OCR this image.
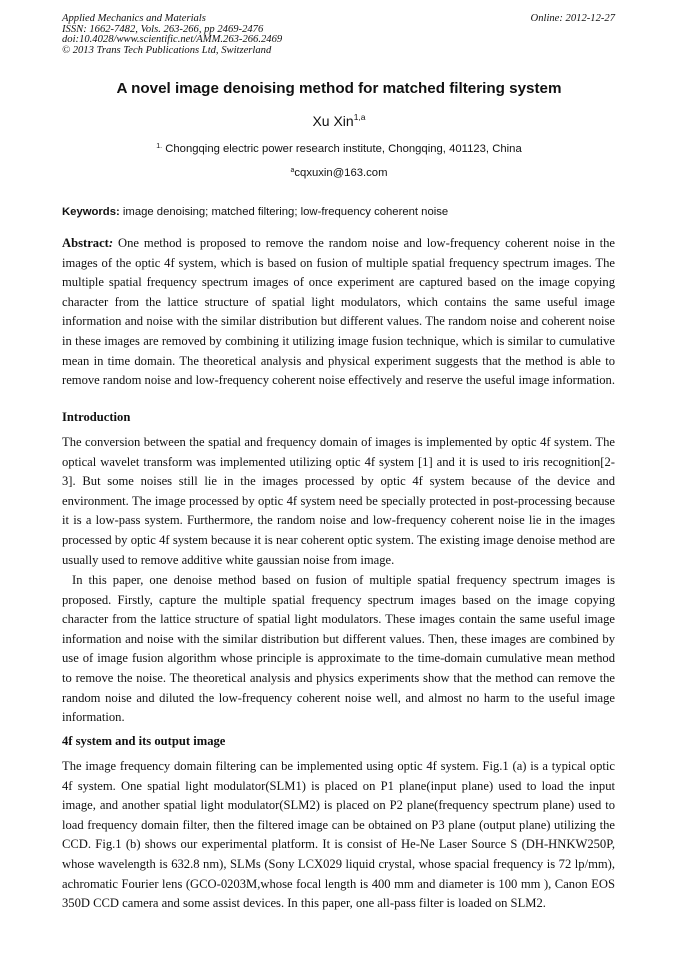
Applied Mechanics and Materials
ISSN: 1662-7482, Vols. 263-266, pp 2469-2476
doi:10.4028/www.scientific.net/AMM.263-266.2469
© 2013 Trans Tech Publications Ltd, Switzerland
Online: 2012-12-27
A novel image denoising method for matched filtering system
Xu Xin$^{1,a}$
$^{1.}$ Chongqing electric power research institute, Chongqing, 401123, China
$^a$cqxuxin@163.com
Keywords: image denoising; matched filtering; low-frequency coherent noise
Abstract: One method is proposed to remove the random noise and low-frequency coherent noise in the images of the optic 4f system, which is based on fusion of multiple spatial frequency spectrum images. The multiple spatial frequency spectrum images of once experiment are captured based on the image copying character from the lattice structure of spatial light modulators, which contains the same useful image information and noise with the similar distribution but different values. The random noise and coherent noise in these images are removed by combining it utilizing image fusion technique, which is similar to cumulative mean in time domain. The theoretical analysis and physical experiment suggests that the method is able to remove random noise and low-frequency coherent noise effectively and reserve the useful image information.
Introduction
The conversion between the spatial and frequency domain of images is implemented by optic 4f system. The optical wavelet transform was implemented utilizing optic 4f system [1] and it is used to iris recognition[2-3]. But some noises still lie in the images processed by optic 4f system because of the device and environment. The image processed by optic 4f system need be specially protected in post-processing because it is a low-pass system. Furthermore, the random noise and low-frequency coherent noise lie in the images processed by optic 4f system because it is near coherent optic system. The existing image denoise method are usually used to remove additive white gaussian noise from image.
In this paper, one denoise method based on fusion of multiple spatial frequency spectrum images is proposed. Firstly, capture the multiple spatial frequency spectrum images based on the image copying character from the lattice structure of spatial light modulators. These images contain the same useful image information and noise with the similar distribution but different values. Then, these images are combined by use of image fusion algorithm whose principle is approximate to the time-domain cumulative mean method to remove the noise. The theoretical analysis and physics experiments show that the method can remove the random noise and diluted the low-frequency coherent noise well, and almost no harm to the useful image information.
4f system and its output image
The image frequency domain filtering can be implemented using optic 4f system. Fig.1 (a) is a typical optic 4f system. One spatial light modulator(SLM1) is placed on P1 plane(input plane) used to load the input image, and another spatial light modulator(SLM2) is placed on P2 plane(frequency spectrum plane) used to load frequency domain filter, then the filtered image can be obtained on P3 plane (output plane) utilizing the CCD. Fig.1 (b) shows our experimental platform. It is consist of He-Ne Laser Source S (DH-HNKW250P, whose wavelength is 632.8 nm), SLMs (Sony LCX029 liquid crystal, whose spacial frequency is 72 lp/mm), achromatic Fourier lens (GCO-0203M,whose focal length is 400 mm and diameter is 100 mm ), Canon EOS 350D CCD camera and some assist devices. In this paper, one all-pass filter is loaded on SLM2.
